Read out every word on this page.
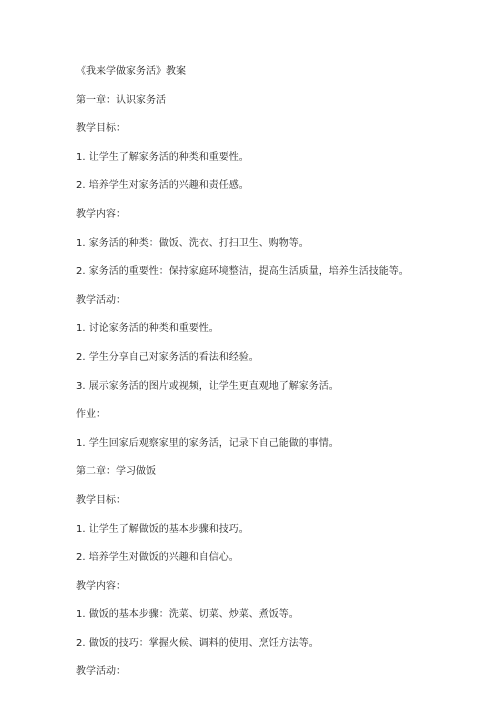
《我来学做家务活》教案
第一章：认识家务活
教学目标：
1. 让学生了解家务活的种类和重要性。
2. 培养学生对家务活的兴趣和责任感。
教学内容：
1. 家务活的种类：做饭、洗衣、打扫卫生、购物等。
2. 家务活的重要性：保持家庭环境整洁，提高生活质量，培养生活技能等。
教学活动：
1. 讨论家务活的种类和重要性。
2. 学生分享自己对家务活的看法和经验。
3. 展示家务活的图片或视频，让学生更直观地了解家务活。
作业：
1. 学生回家后观察家里的家务活，记录下自己能做的事情。
第二章：学习做饭
教学目标：
1. 让学生了解做饭的基本步骤和技巧。
2. 培养学生对做饭的兴趣和自信心。
教学内容：
1. 做饭的基本步骤：洗菜、切菜、炒菜、煮饭等。
2. 做饭的技巧：掌握火候、调料的使用、烹饪方法等。
教学活动：
